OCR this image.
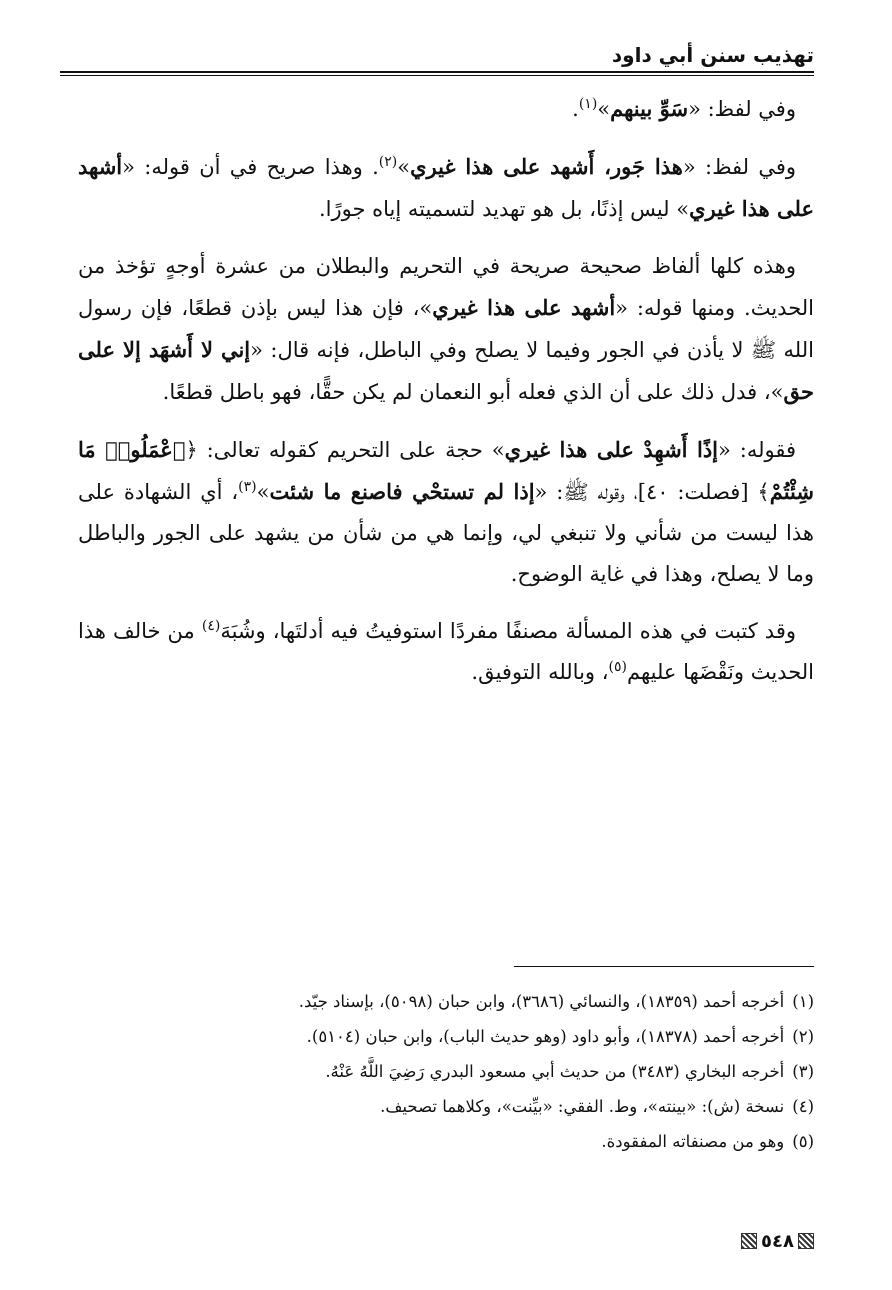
تهذيب سنن أبي داود

وفي لفظ: «سَوِّ بينهم»$^{(١)}$.

وفي لفظ: «هذا جَور، أَشهد على هذا غيري»$^{(٢)}$. وهذا صريح في أن قوله: «أشهد على هذا غيري» ليس إذنًا، بل هو تهديد لتسميته إياه جورًا.

وهذه كلها ألفاظ صحيحة صريحة في التحريم والبطلان من عشرة أوجهٍ تؤخذ من الحديث. ومنها قوله: «أشهد على هذا غيري»، فإن هذا ليس بإذن قطعًا، فإن رسول الله ﷺ لا يأذن في الجور وفيما لا يصلح وفي الباطل، فإنه قال: «إني لا أَشهَد إلا على حق»، فدل ذلك على أن الذي فعله أبو النعمان لم يكن حقًّا، فهو باطل قطعًا.

فقوله: «إذًا أَشهِدْ على هذا غيري» حجة على التحريم كقوله تعالى: ﴿ٱعْمَلُوا۟ مَا شِئْتُمْ﴾ [فصلت: ٤٠]، وقوله ﷺ: «إذا لم تستحْي فاصنع ما شئت»$^{(٣)}$، أي الشهادة على هذا ليست من شأني ولا تنبغي لي، وإنما هي من شأن من يشهد على الجور والباطل وما لا يصلح، وهذا في غاية الوضوح.

وقد كتبت في هذه المسألة مصنفًا مفردًا استوفيتُ فيه أدلتَها، وشُبَهَ$^{(٤)}$ من خالف هذا الحديث ونَقْضَها عليهم$^{(٥)}$، وبالله التوفيق.

(١)أخرجه أحمد (١٨٣٥٩)، والنسائي (٣٦٨٦)، وابن حبان (٥٠٩٨)، بإسناد جيّد.
(٢)أخرجه أحمد (١٨٣٧٨)، وأبو داود (وهو حديث الباب)، وابن حبان (٥١٠٤).
(٣)أخرجه البخاري (٣٤٨٣) من حديث أبي مسعود البدري رَضِيَ اللَّهُ عَنْهُ.
(٤)نسخة (ش): «بينته»، وط. الفقي: «بيِّنت»، وكلاهما تصحيف.
(٥)وهو من مصنفاته المفقودة.
٥٤٨
